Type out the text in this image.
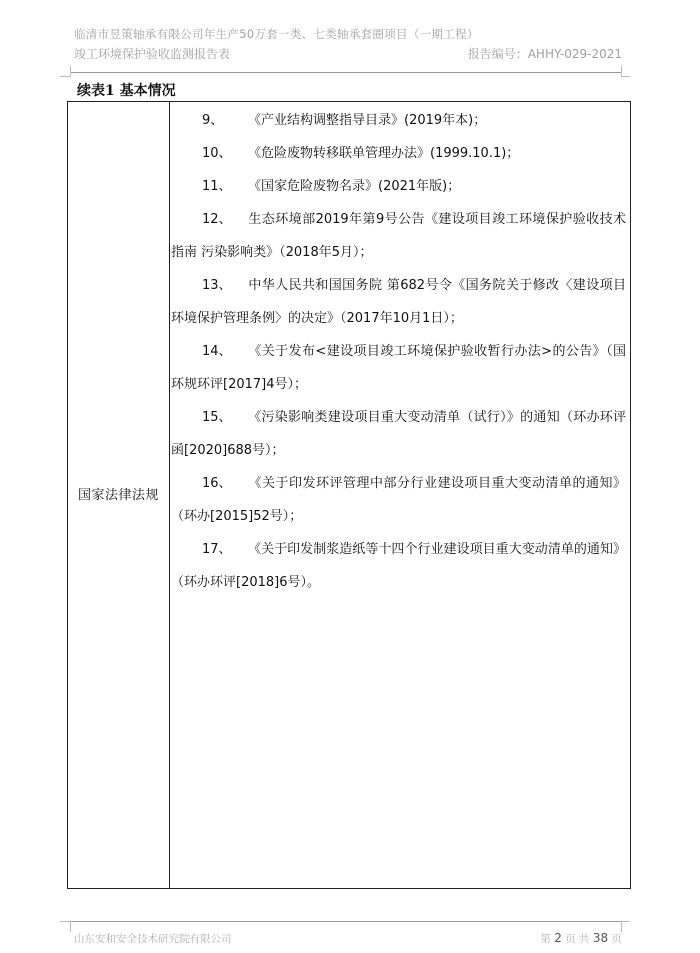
临清市昱策轴承有限公司年生产50万套一类、七类轴承套圈项目（一期工程）
竣工环境保护验收监测报告表	报告编号：AHHY-029-2021
续表1 基本情况
国家法律法规
9、 《产业结构调整指导目录》(2019年本)；
10、 《危险废物转移联单管理办法》(1999.10.1)；
11、 《国家危险废物名录》(2021年版)；
12、 生态环境部2019年第9号公告《建设项目竣工环境保护验收技术指南 污染影响类》（2018年5月）；
13、 中华人民共和国国务院 第682号令《国务院关于修改〈建设项目环境保护管理条例〉的决定》（2017年10月1日）；
14、 《关于发布<建设项目竣工环境保护验收暂行办法>的公告》（国环规环评[2017]4号）；
15、 《污染影响类建设项目重大变动清单（试行）》的通知（环办环评函[2020]688号）；
16、 《关于印发环评管理中部分行业建设项目重大变动清单的通知》（环办[2015]52号）；
17、 《关于印发制浆造纸等十四个行业建设项目重大变动清单的通知》（环办环评[2018]6号）。
山东安和安全技术研究院有限公司	第 2 页 共 38 页
